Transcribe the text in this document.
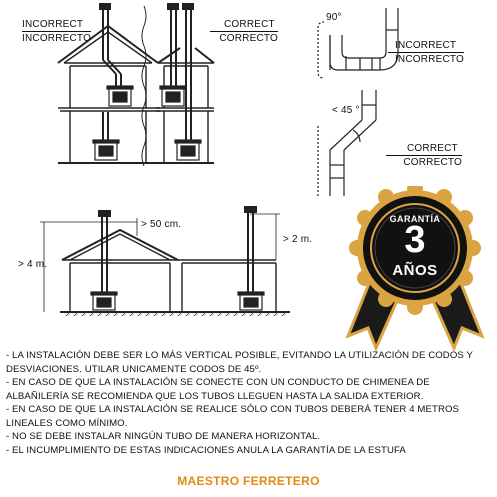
INCORRECT
INCORRECTO
CORRECT
CORRECTO
90°
INCORRECT
INCORRECTO
< 45 °
CORRECT
CORRECTO
> 50 cm.
> 2 m.
> 4 m.
GARANTÍA
3
AÑOS

- LA INSTALACIÓN DEBE SER LO MÁS VERTICAL POSIBLE, EVITANDO LA UTILIZACIÓN DE CODOS Y DESVIACIONES. UTILAR UNICAMENTE CODOS DE 45º.

- EN CASO DE QUE LA INSTALACIÓN SE CONECTE CON UN CONDUCTO DE CHIMENEA DE ALBAÑILERÍA SE RECOMIENDA QUE LOS TUBOS LLEGUEN HASTA LA SALIDA EXTERIOR.

- EN CASO DE QUE LA INSTALACIÓN SE REALICE SÓLO CON TUBOS DEBERÁ TENER 4 METROS LINEALES COMO MÍNIMO.

- NO SE DEBE INSTALAR NINGÚN TUBO DE MANERA HORIZONTAL.

- EL INCUMPLIMIENTO DE ESTAS INDICACIONES ANULA LA GARANTÍA DE LA ESTUFA

MAESTRO FERRETERO
